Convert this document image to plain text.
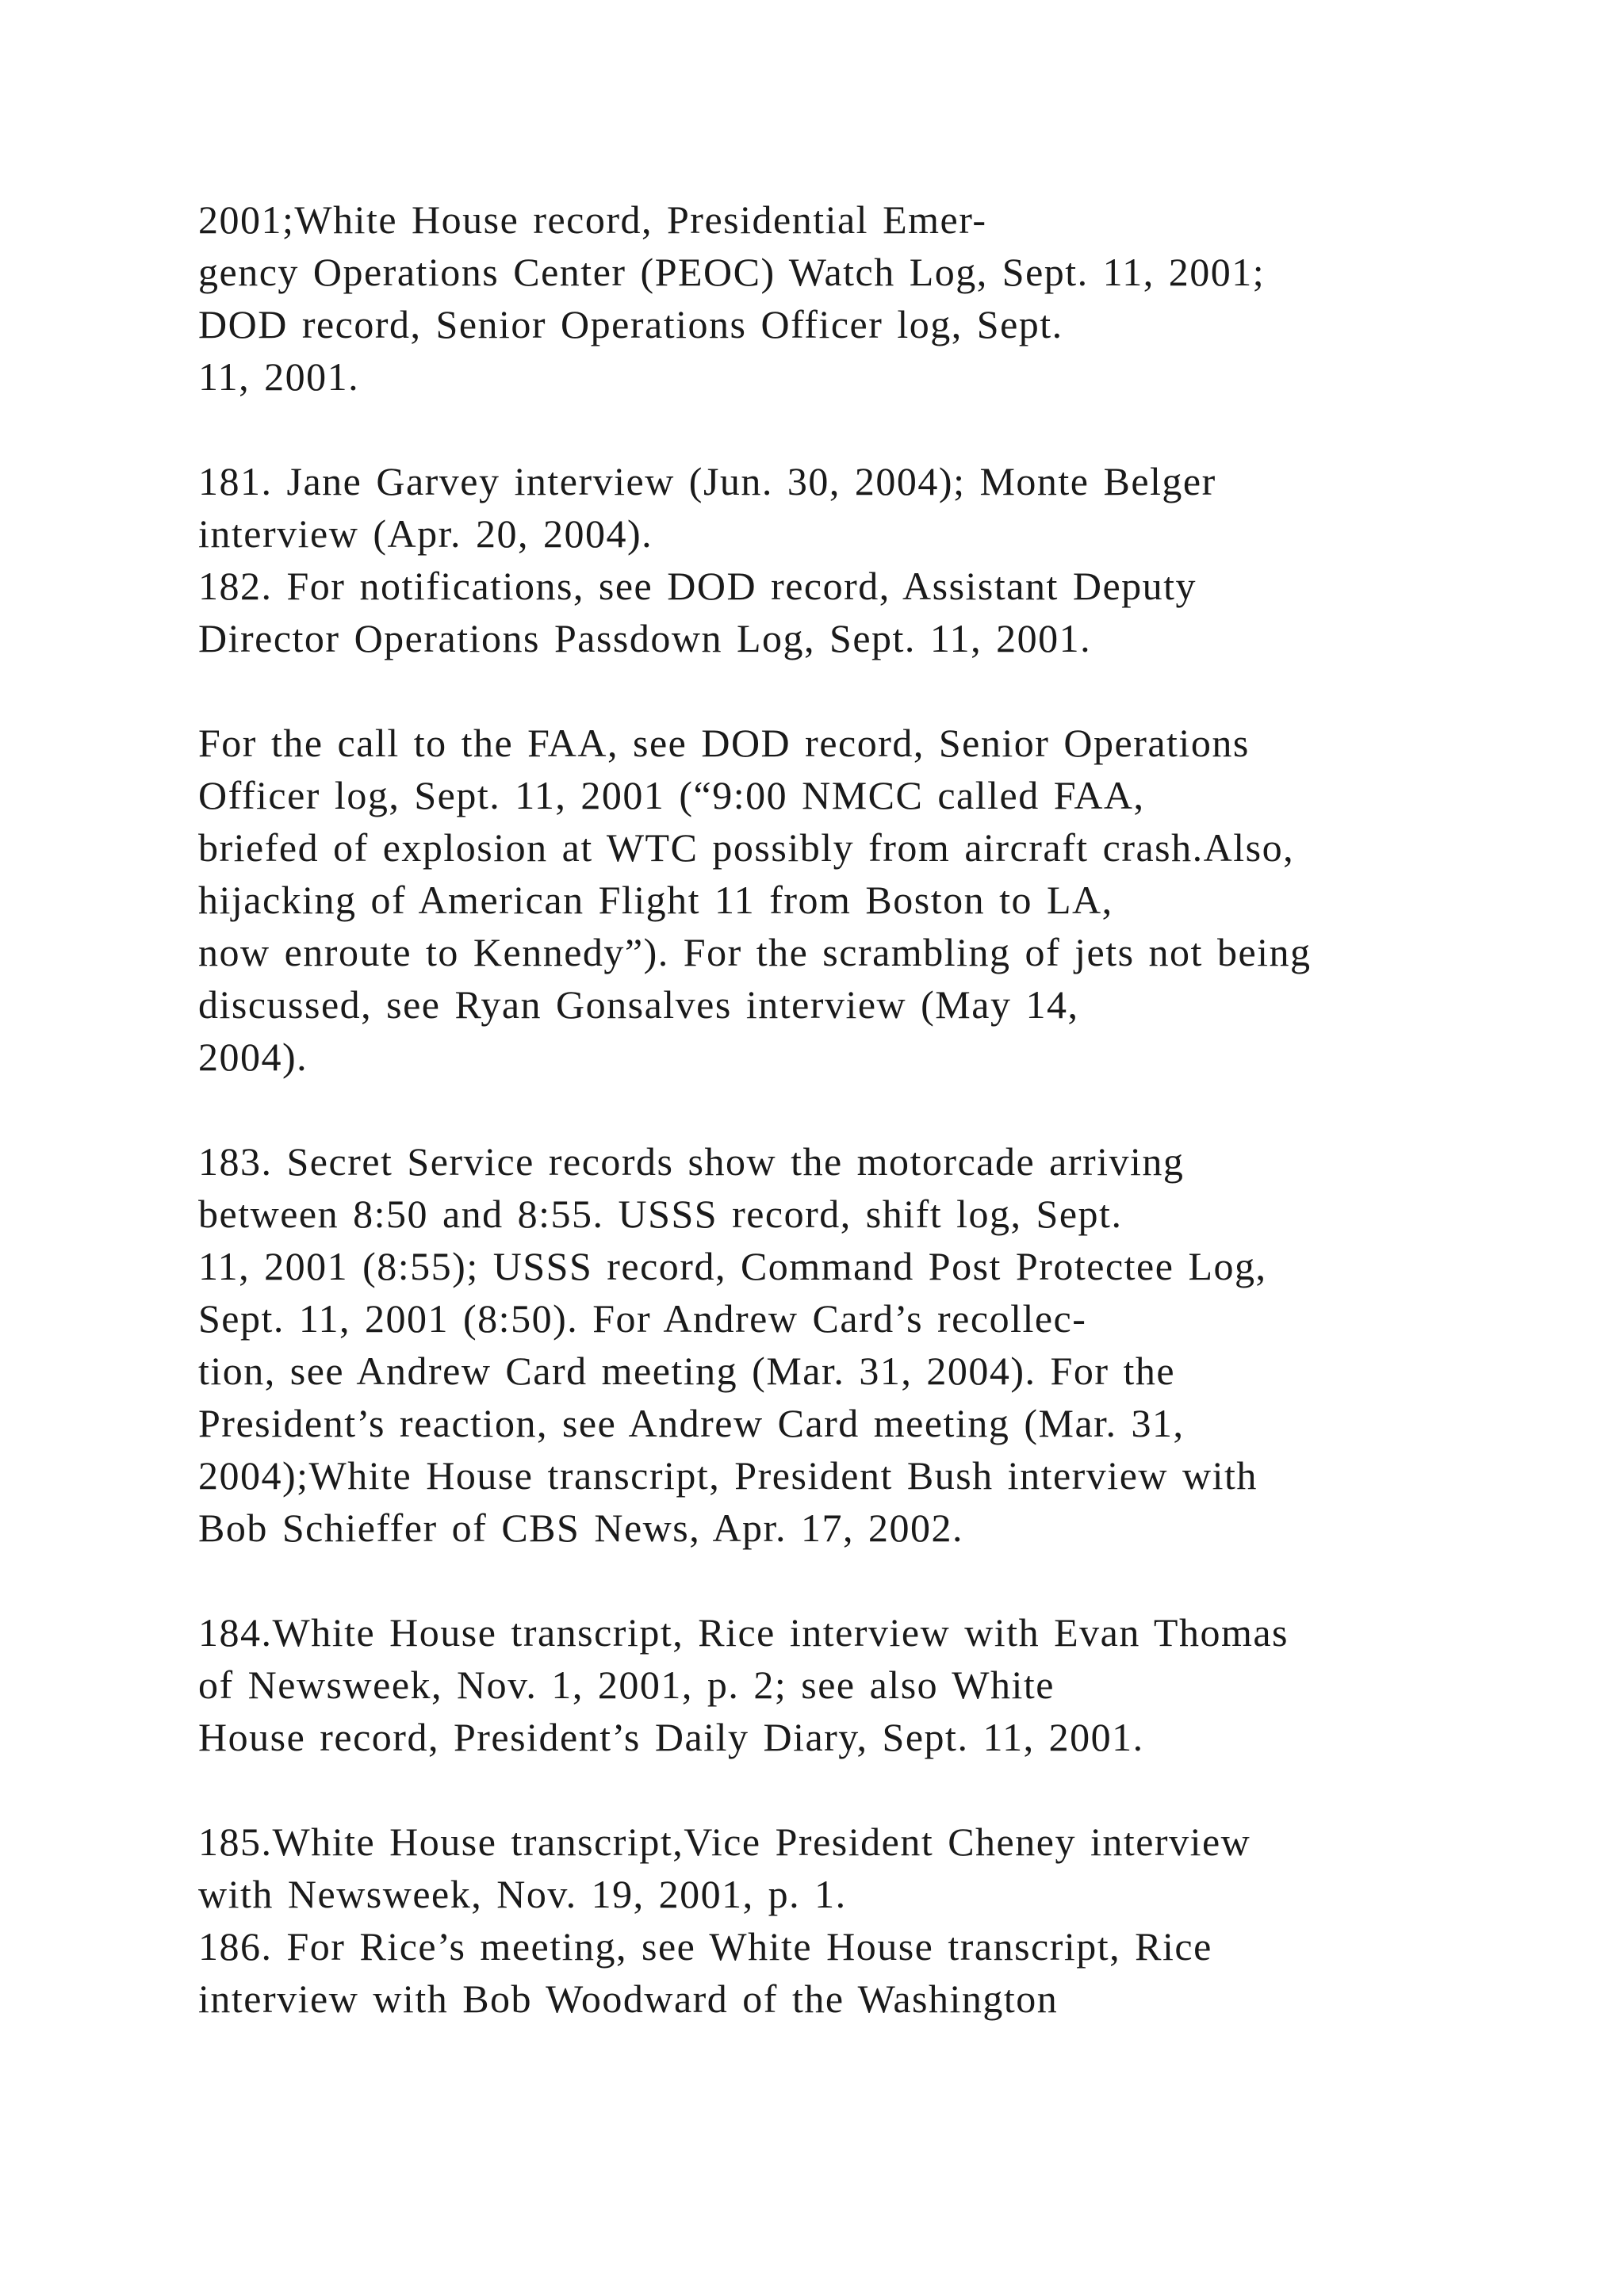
2001;White House record, Presidential Emer-
gency Operations Center (PEOC) Watch Log, Sept. 11, 2001;
DOD record, Senior Operations Officer log, Sept.
11, 2001.
181. Jane Garvey interview (Jun. 30, 2004); Monte Belger
interview (Apr. 20, 2004).
182. For notifications, see DOD record, Assistant Deputy
Director Operations Passdown Log, Sept. 11, 2001.
For the call to the FAA, see DOD record, Senior Operations
Officer log, Sept. 11, 2001 (“9:00 NMCC called FAA,
briefed of explosion at WTC possibly from aircraft crash.Also,
hijacking of American Flight 11 from Boston to LA,
now enroute to Kennedy”). For the scrambling of jets not being
discussed, see Ryan Gonsalves interview (May 14,
2004).
183. Secret Service records show the motorcade arriving
between 8:50 and 8:55. USSS record, shift log, Sept.
11, 2001 (8:55); USSS record, Command Post Protectee Log,
Sept. 11, 2001 (8:50). For Andrew Card’s recollec-
tion, see Andrew Card meeting (Mar. 31, 2004). For the
President’s reaction, see Andrew Card meeting (Mar. 31,
2004);White House transcript, President Bush interview with
Bob Schieffer of CBS News, Apr. 17, 2002.
184.White House transcript, Rice interview with Evan Thomas
of Newsweek, Nov. 1, 2001, p. 2; see also White
House record, President’s Daily Diary, Sept. 11, 2001.
185.White House transcript,Vice President Cheney interview
with Newsweek, Nov. 19, 2001, p. 1.
186. For Rice’s meeting, see White House transcript, Rice
interview with Bob Woodward of the Washington
